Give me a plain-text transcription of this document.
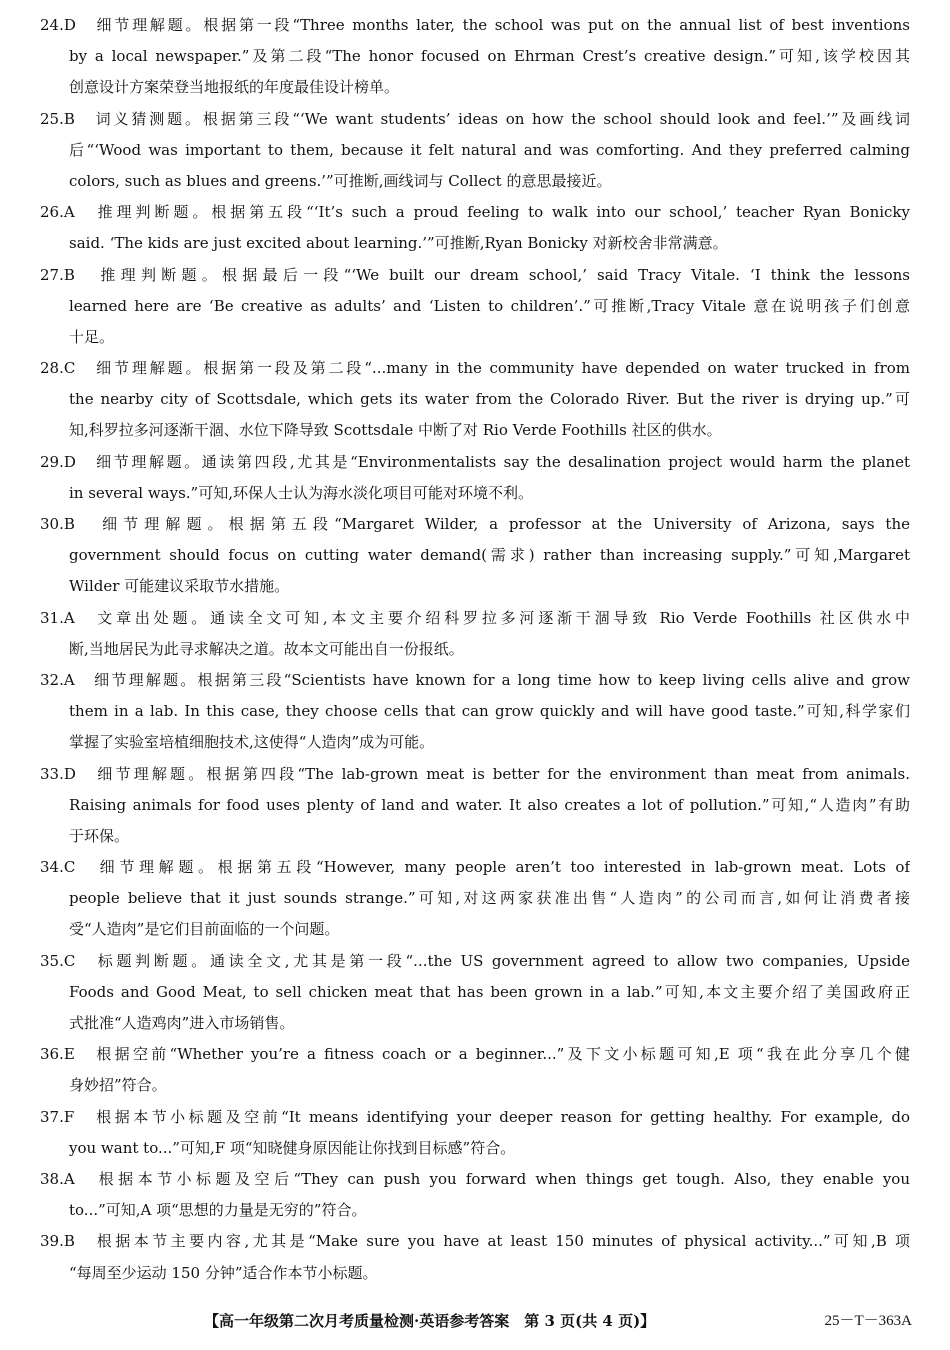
24.D　细节理解题。根据第一段“Three months later, the school was put on the annual list of best inventions
by a local newspaper.”及第二段“The honor focused on Ehrman Crest’s creative design.”可知,该学校因其
创意设计方案荣登当地报纸的年度最佳设计榜单。
25.B　词义猜测题。根据第三段“‘We want students’ ideas on how the school should look and feel.’”及画线词
后“‘Wood was important to them, because it felt natural and was comforting. And they preferred calming
colors, such as blues and greens.’”可推断,画线词与 Collect 的意思最接近。
26.A　推理判断题。根据第五段“‘It’s such a proud feeling to walk into our school,’ teacher Ryan Bonicky
said. ‘The kids are just excited about learning.’”可推断,Ryan Bonicky 对新校舍非常满意。
27.B　推理判断题。根据最后一段“‘We built our dream school,’ said Tracy Vitale. ‘I think the lessons
learned here are ‘Be creative as adults’ and ‘Listen to children’.”可推断,Tracy Vitale 意在说明孩子们创意
十足。
28.C　细节理解题。根据第一段及第二段“...many in the community have depended on water trucked in from
the nearby city of Scottsdale, which gets its water from the Colorado River. But the river is drying up.”可
知,科罗拉多河逐渐干涸、水位下降导致 Scottsdale 中断了对 Rio Verde Foothills 社区的供水。
29.D　细节理解题。通读第四段,尤其是“Environmentalists say the desalination project would harm the planet
in several ways.”可知,环保人士认为海水淡化项目可能对环境不利。
30.B　细节理解题。根据第五段“Margaret Wilder, a professor at the University of Arizona, says the
government should focus on cutting water demand(需求) rather than increasing supply.”可知,Margaret
Wilder 可能建议采取节水措施。
31.A　文章出处题。通读全文可知,本文主要介绍科罗拉多河逐渐干涸导致 Rio Verde Foothills 社区供水中
断,当地居民为此寻求解决之道。故本文可能出自一份报纸。
32.A　细节理解题。根据第三段“Scientists have known for a long time how to keep living cells alive and grow
them in a lab. In this case, they choose cells that can grow quickly and will have good taste.”可知,科学家们
掌握了实验室培植细胞技术,这使得“人造肉”成为可能。
33.D　细节理解题。根据第四段“The lab-grown meat is better for the environment than meat from animals.
Raising animals for food uses plenty of land and water. It also creates a lot of pollution.”可知,“人造肉”有助
于环保。
34.C　细节理解题。根据第五段“However, many people aren’t too interested in lab-grown meat. Lots of
people believe that it just sounds strange.”可知,对这两家获准出售“人造肉”的公司而言,如何让消费者接
受“人造肉”是它们目前面临的一个问题。
35.C　标题判断题。通读全文,尤其是第一段“...the US government agreed to allow two companies, Upside
Foods and Good Meat, to sell chicken meat that has been grown in a lab.”可知,本文主要介绍了美国政府正
式批准“人造鸡肉”进入市场销售。
36.E　根据空前“Whether you’re a fitness coach or a beginner...”及下文小标题可知,E 项“我在此分享几个健
身妙招”符合。
37.F　根据本节小标题及空前“It means identifying your deeper reason for getting healthy. For example, do
you want to...”可知,F 项“知晓健身原因能让你找到目标感”符合。
38.A　根据本节小标题及空后“They can push you forward when things get tough. Also, they enable you
to...”可知,A 项“思想的力量是无穷的”符合。
39.B　根据本节主要内容,尤其是“Make sure you have at least 150 minutes of physical activity...”可知,B 项
“每周至少运动 150 分钟”适合作本节小标题。
【高一年级第二次月考质量检测·英语参考答案　第 3 页(共 4 页)】	25－T－363A
